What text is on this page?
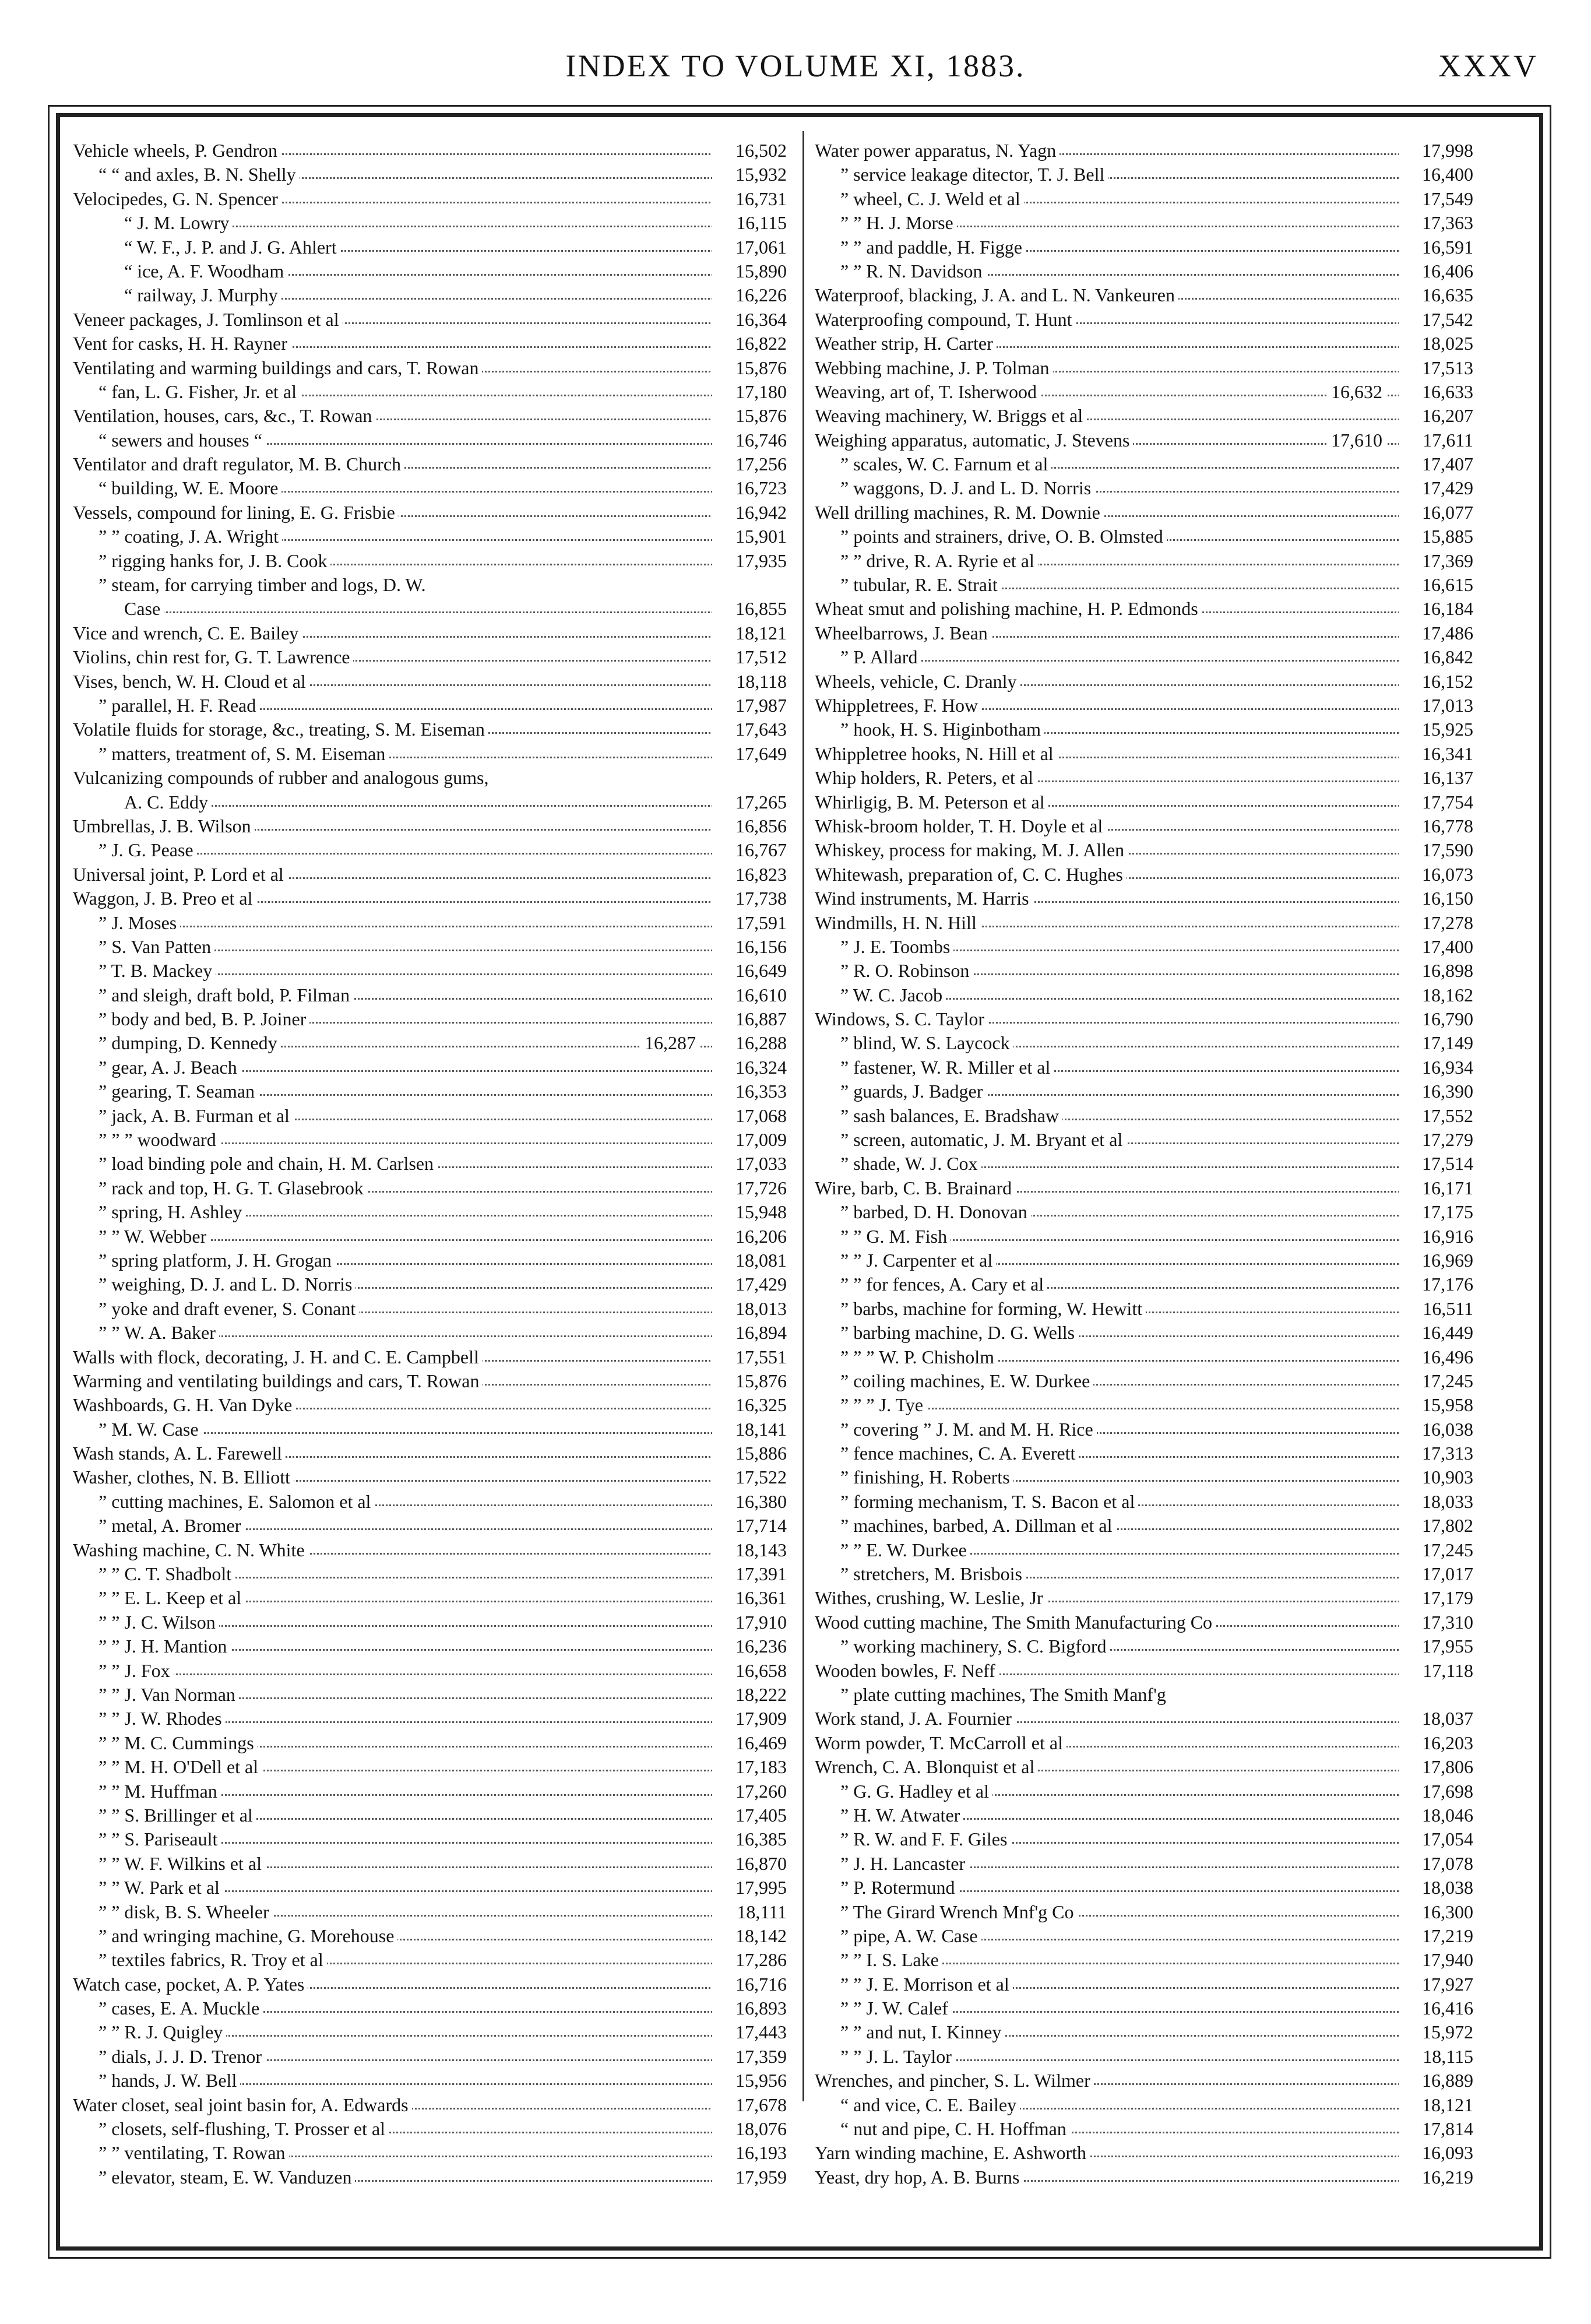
INDEX TO VOLUME XI, 1883.	XXXV
Vehicle wheels, P. Gendron	16,502
“ “ and axles, B. N. Shelly	15,932
Velocipedes, G. N. Spencer	16,731
“ J. M. Lowry	16,115
“ W. F., J. P. and J. G. Ahlert	17,061
“ ice, A. F. Woodham	15,890
“ railway, J. Murphy	16,226
Veneer packages, J. Tomlinson et al	16,364
Vent for casks, H. H. Rayner	16,822
Ventilating and warming buildings and cars, T. Rowan	15,876
“ fan, L. G. Fisher, Jr. et al	17,180
Ventilation, houses, cars, &c., T. Rowan	15,876
“ sewers and houses “	16,746
Ventilator and draft regulator, M. B. Church	17,256
“ building, W. E. Moore	16,723
Vessels, compound for lining, E. G. Frisbie	16,942
” ” coating, J. A. Wright	15,901
” rigging hanks for, J. B. Cook	17,935
” steam, for carrying timber and logs, D. W.
Case	16,855
Vice and wrench, C. E. Bailey	18,121
Violins, chin rest for, G. T. Lawrence	17,512
Vises, bench, W. H. Cloud et al	18,118
” parallel, H. F. Read	17,987
Volatile fluids for storage, &c., treating, S. M. Eiseman	17,643
” matters, treatment of, S. M. Eiseman	17,649
Vulcanizing compounds of rubber and analogous gums,
A. C. Eddy	17,265
Umbrellas, J. B. Wilson	16,856
” J. G. Pease	16,767
Universal joint, P. Lord et al	16,823
Waggon, J. B. Preo et al	17,738
” J. Moses	17,591
” S. Van Patten	16,156
” T. B. Mackey	16,649
” and sleigh, draft bold, P. Filman	16,610
” body and bed, B. P. Joiner	16,887
” dumping, D. Kennedy	16,287	16,288
” gear, A. J. Beach	16,324
” gearing, T. Seaman	16,353
” jack, A. B. Furman et al	17,068
” ” ” woodward	17,009
” load binding pole and chain, H. M. Carlsen	17,033
” rack and top, H. G. T. Glasebrook	17,726
” spring, H. Ashley	15,948
” ” W. Webber	16,206
” spring platform, J. H. Grogan	18,081
” weighing, D. J. and L. D. Norris	17,429
” yoke and draft evener, S. Conant	18,013
” ” W. A. Baker	16,894
Walls with flock, decorating, J. H. and C. E. Campbell	17,551
Warming and ventilating buildings and cars, T. Rowan	15,876
Washboards, G. H. Van Dyke	16,325
” M. W. Case	18,141
Wash stands, A. L. Farewell	15,886
Washer, clothes, N. B. Elliott	17,522
” cutting machines, E. Salomon et al	16,380
” metal, A. Bromer	17,714
Washing machine, C. N. White	18,143
” ” C. T. Shadbolt	17,391
” ” E. L. Keep et al	16,361
” ” J. C. Wilson	17,910
” ” J. H. Mantion	16,236
” ” J. Fox	16,658
” ” J. Van Norman	18,222
” ” J. W. Rhodes	17,909
” ” M. C. Cummings	16,469
” ” M. H. O'Dell et al	17,183
” ” M. Huffman	17,260
” ” S. Brillinger et al	17,405
” ” S. Pariseault	16,385
” ” W. F. Wilkins et al	16,870
” ” W. Park et al	17,995
” ” disk, B. S. Wheeler	18,111
” and wringing machine, G. Morehouse	18,142
” textiles fabrics, R. Troy et al	17,286
Watch case, pocket, A. P. Yates	16,716
” cases, E. A. Muckle	16,893
” ” R. J. Quigley	17,443
” dials, J. J. D. Trenor	17,359
” hands, J. W. Bell	15,956
Water closet, seal joint basin for, A. Edwards	17,678
” closets, self-flushing, T. Prosser et al	18,076
” ” ventilating, T. Rowan	16,193
” elevator, steam, E. W. Vanduzen	17,959
Water power apparatus, N. Yagn	17,998
” service leakage ditector, T. J. Bell	16,400
” wheel, C. J. Weld et al	17,549
” ” H. J. Morse	17,363
” ” and paddle, H. Figge	16,591
” ” R. N. Davidson	16,406
Waterproof, blacking, J. A. and L. N. Vankeuren	16,635
Waterproofing compound, T. Hunt	17,542
Weather strip, H. Carter	18,025
Webbing machine, J. P. Tolman	17,513
Weaving, art of, T. Isherwood	16,632	16,633
Weaving machinery, W. Briggs et al	16,207
Weighing apparatus, automatic, J. Stevens	17,610	17,611
” scales, W. C. Farnum et al	17,407
” waggons, D. J. and L. D. Norris	17,429
Well drilling machines, R. M. Downie	16,077
” points and strainers, drive, O. B. Olmsted	15,885
” ” drive, R. A. Ryrie et al	17,369
” tubular, R. E. Strait	16,615
Wheat smut and polishing machine, H. P. Edmonds	16,184
Wheelbarrows, J. Bean	17,486
” P. Allard	16,842
Wheels, vehicle, C. Dranly	16,152
Whippletrees, F. How	17,013
” hook, H. S. Higinbotham	15,925
Whippletree hooks, N. Hill et al	16,341
Whip holders, R. Peters, et al	16,137
Whirligig, B. M. Peterson et al	17,754
Whisk-broom holder, T. H. Doyle et al	16,778
Whiskey, process for making, M. J. Allen	17,590
Whitewash, preparation of, C. C. Hughes	16,073
Wind instruments, M. Harris	16,150
Windmills, H. N. Hill	17,278
” J. E. Toombs	17,400
” R. O. Robinson	16,898
” W. C. Jacob	18,162
Windows, S. C. Taylor	16,790
” blind, W. S. Laycock	17,149
” fastener, W. R. Miller et al	16,934
” guards, J. Badger	16,390
” sash balances, E. Bradshaw	17,552
” screen, automatic, J. M. Bryant et al	17,279
” shade, W. J. Cox	17,514
Wire, barb, C. B. Brainard	16,171
” barbed, D. H. Donovan	17,175
” ” G. M. Fish	16,916
” ” J. Carpenter et al	16,969
” ” for fences, A. Cary et al	17,176
” barbs, machine for forming, W. Hewitt	16,511
” barbing machine, D. G. Wells	16,449
” ” ” W. P. Chisholm	16,496
” coiling machines, E. W. Durkee	17,245
” ” ” J. Tye	15,958
” covering ” J. M. and M. H. Rice	16,038
” fence machines, C. A. Everett	17,313
” finishing, H. Roberts	10,903
” forming mechanism, T. S. Bacon et al	18,033
” machines, barbed, A. Dillman et al	17,802
” ” E. W. Durkee	17,245
” stretchers, M. Brisbois	17,017
Withes, crushing, W. Leslie, Jr	17,179
Wood cutting machine, The Smith Manufacturing Co	17,310
” working machinery, S. C. Bigford	17,955
Wooden bowles, F. Neff	17,118
” plate cutting machines, The Smith Manf'g
Work stand, J. A. Fournier	18,037
Worm powder, T. McCarroll et al	16,203
Wrench, C. A. Blonquist et al	17,806
” G. G. Hadley et al	17,698
” H. W. Atwater	18,046
” R. W. and F. F. Giles	17,054
” J. H. Lancaster	17,078
” P. Rotermund	18,038
” The Girard Wrench Mnf'g Co	16,300
” pipe, A. W. Case	17,219
” ” I. S. Lake	17,940
” ” J. E. Morrison et al	17,927
” ” J. W. Calef	16,416
” ” and nut, I. Kinney	15,972
” ” J. L. Taylor	18,115
Wrenches, and pincher, S. L. Wilmer	16,889
“ and vice, C. E. Bailey	18,121
“ nut and pipe, C. H. Hoffman	17,814
Yarn winding machine, E. Ashworth	16,093
Yeast, dry hop, A. B. Burns	16,219
